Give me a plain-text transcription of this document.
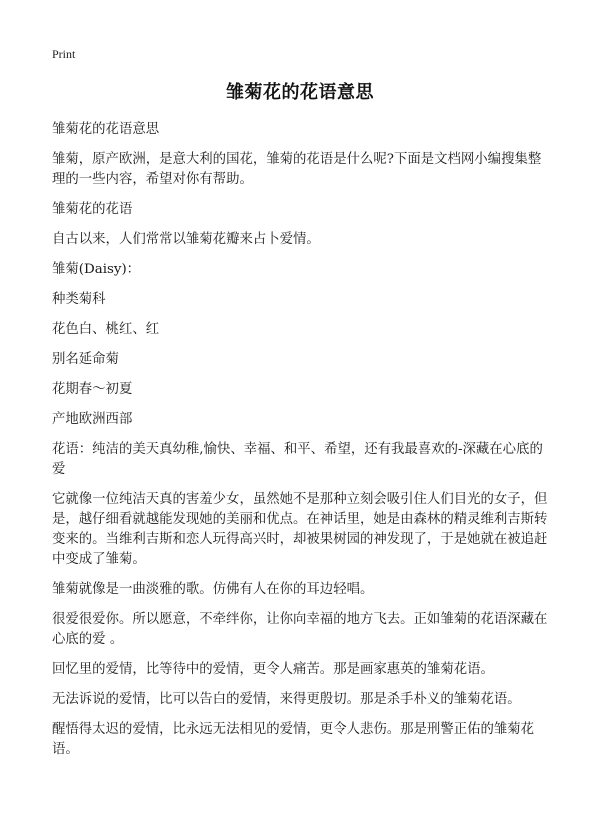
Print
雏菊花的花语意思

雏菊花的花语意思

雏菊，原产欧洲，是意大利的国花，雏菊的花语是什么呢?下面是文档网小编搜集整理的一些内容，希望对你有帮助。

雏菊花的花语

自古以来，人们常常以雏菊花瓣来占卜爱情。

雏菊(Daisy)：

种类菊科

花色白、桃红、红

别名延命菊

花期春～初夏

产地欧洲西部

花语：纯洁的美天真幼稚,愉快、幸福、和平、希望，还有我最喜欢的-深藏在心底的爱

它就像一位纯洁天真的害羞少女，虽然她不是那种立刻会吸引住人们目光的女子，但是，越仔细看就越能发现她的美丽和优点。在神话里，她是由森林的精灵维利吉斯转变来的。当维利吉斯和恋人玩得高兴时，却被果树园的神发现了，于是她就在被追赶中变成了雏菊。

雏菊就像是一曲淡雅的歌。仿佛有人在你的耳边轻唱。

很爱很爱你。所以愿意，不牵绊你，让你向幸福的地方飞去。正如雏菊的花语深藏在心底的爱 。

回忆里的爱情，比等待中的爱情，更令人痛苦。那是画家惠英的雏菊花语。

无法诉说的爱情，比可以告白的爱情，来得更殷切。那是杀手朴义的雏菊花语。

醒悟得太迟的爱情，比永远无法相见的爱情，更令人悲伤。那是刑警正佑的雏菊花语。
